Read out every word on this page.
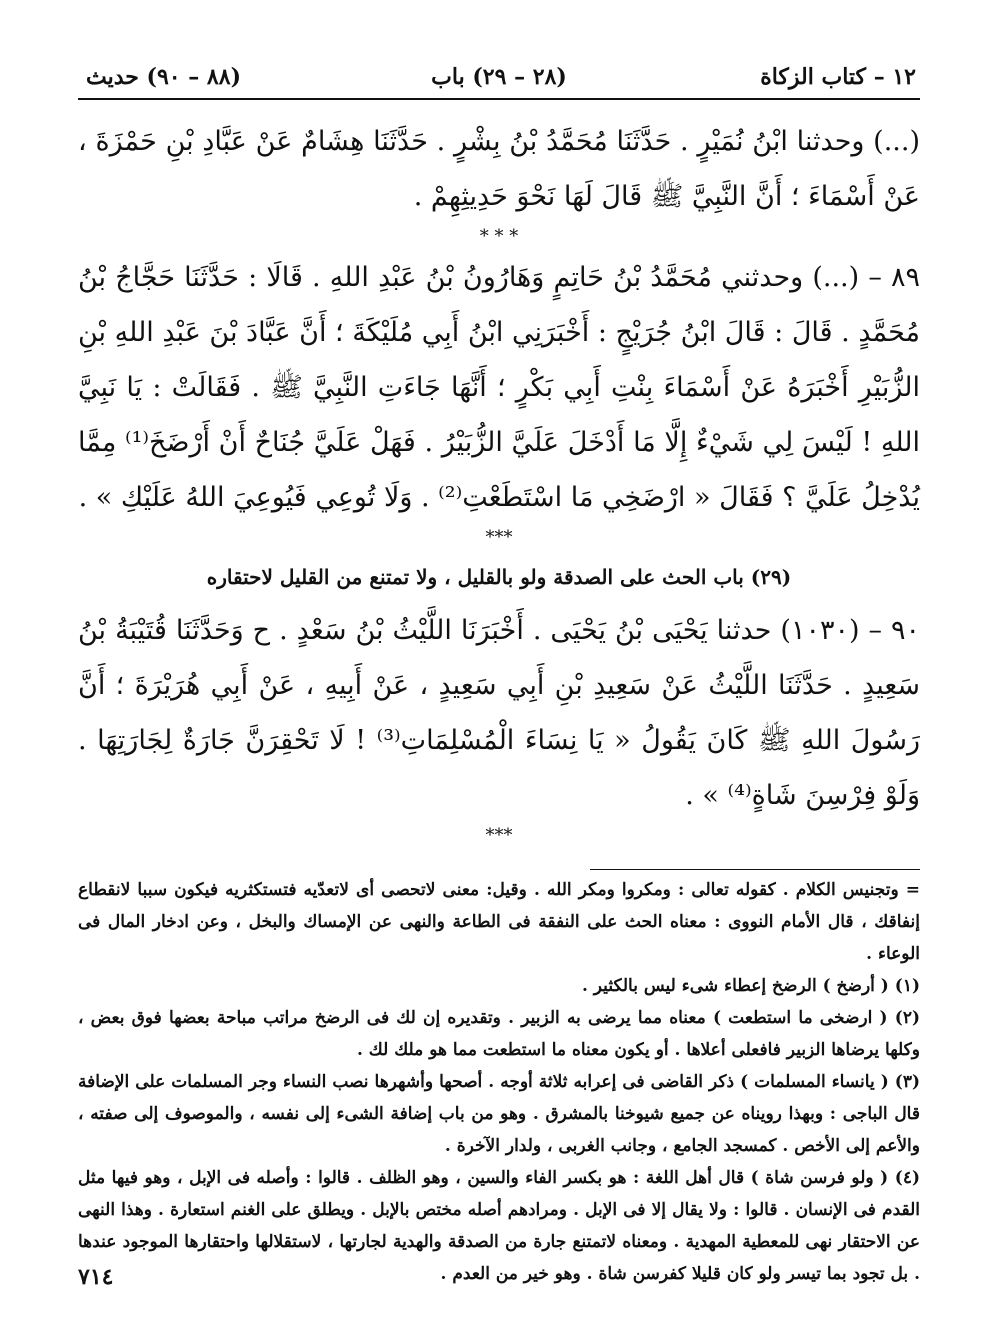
١٢ – كتاب الزكاة
(٢٨ – ٢٩) باب
(٨٨ – ٩٠) حديث

(...) وحدثنا ابْنُ نُمَيْرٍ . حَدَّثَنَا مُحَمَّدُ بْنُ بِشْرٍ . حَدَّثَنَا هِشَامٌ عَنْ عَبَّادِ بْنِ حَمْزَةَ ، عَنْ أَسْمَاءَ ؛ أَنَّ النَّبِيَّ ﷺ قَالَ لَهَا نَحْوَ حَدِيثِهِمْ .

* * *

٨٩ – (...) وحدثني مُحَمَّدُ بْنُ حَاتِمٍ وَهَارُونُ بْنُ عَبْدِ اللهِ . قَالَا : حَدَّثَنَا حَجَّاجُ بْنُ مُحَمَّدٍ . قَالَ : قَالَ ابْنُ جُرَيْجٍ : أَخْبَرَنِي ابْنُ أَبِي مُلَيْكَةَ ؛ أَنَّ عَبَّادَ بْنَ عَبْدِ اللهِ بْنِ الزُّبَيْرِ أَخْبَرَهُ عَنْ أَسْمَاءَ بِنْتِ أَبِي بَكْرٍ ؛ أَنَّهَا جَاءَتِ النَّبِيَّ ﷺ . فَقَالَتْ : يَا نَبِيَّ اللهِ ! لَيْسَ لِي شَيْءٌ إِلَّا مَا أَدْخَلَ عَلَيَّ الزُّبَيْرُ . فَهَلْ عَلَيَّ جُنَاحٌ أَنْ أَرْضَخَ⁽¹⁾ مِمَّا يُدْخِلُ عَلَيَّ ؟ فَقَالَ « ارْضَخِي مَا اسْتَطَعْتِ⁽²⁾ . وَلَا تُوعِي فَيُوعِيَ اللهُ عَلَيْكِ » .

***
(٢٩) باب الحث على الصدقة ولو بالقليل ، ولا تمتنع من القليل لاحتقاره

٩٠ – (١٠٣٠) حدثنا يَحْيَى بْنُ يَحْيَى . أَخْبَرَنَا اللَّيْثُ بْنُ سَعْدٍ . ح وَحَدَّثَنَا قُتَيْبَةُ بْنُ سَعِيدٍ . حَدَّثَنَا اللَّيْثُ عَنْ سَعِيدِ بْنِ أَبِي سَعِيدٍ ، عَنْ أَبِيهِ ، عَنْ أَبِي هُرَيْرَةَ ؛ أَنَّ رَسُولَ اللهِ ﷺ كَانَ يَقُولُ « يَا نِسَاءَ الْمُسْلِمَاتِ⁽³⁾ ! لَا تَحْقِرَنَّ جَارَةٌ لِجَارَتِهَا . وَلَوْ فِرْسِنَ شَاةٍ⁽⁴⁾ » .

***

= وتجنيس الكلام . كقوله تعالى : ومكروا ومكر الله . وقيل: معنى لاتحصى أى لاتعدّيه فتستكثريه فيكون سببا لانقطاع إنفاقك ، قال الأمام النووى : معناه الحث على النفقة فى الطاعة والنهى عن الإمساك والبخل ، وعن ادخار المال فى الوعاء .

(١) ( أرضخ ) الرضخ إعطاء شىء ليس بالكثير .

(٢) ( ارضخى ما استطعت ) معناه مما يرضى به الزبير . وتقديره إن لك فى الرضخ مراتب مباحة بعضها فوق بعض ، وكلها يرضاها الزبير فافعلى أعلاها . أو يكون معناه ما استطعت مما هو ملك لك .

(٣) ( يانساء المسلمات ) ذكر القاضى فى إعرابه ثلاثة أوجه . أصحها وأشهرها نصب النساء وجر المسلمات على الإضافة قال الباجى : وبهذا رويناه عن جميع شيوخنا بالمشرق . وهو من باب إضافة الشىء إلى نفسه ، والموصوف إلى صفته ، والأعم إلى الأخص . كمسجد الجامع ، وجانب الغربى ، ولدار الآخرة .

(٤) ( ولو فرسن شاة ) قال أهل اللغة : هو بكسر الفاء والسين ، وهو الظلف . قالوا : وأصله فى الإبل ، وهو فيها مثل القدم فى الإنسان . قالوا : ولا يقال إلا فى الإبل . ومرادهم أصله مختص بالإبل . ويطلق على الغنم استعارة . وهذا النهى عن الاحتقار نهى للمعطية المهدية . ومعناه لاتمتنع جارة من الصدقة والهدية لجارتها ، لاستقلالها واحتقارها الموجود عندها . بل تجود بما تيسر ولو كان قليلا كفرسن شاة . وهو خير من العدم .

٧١٤
